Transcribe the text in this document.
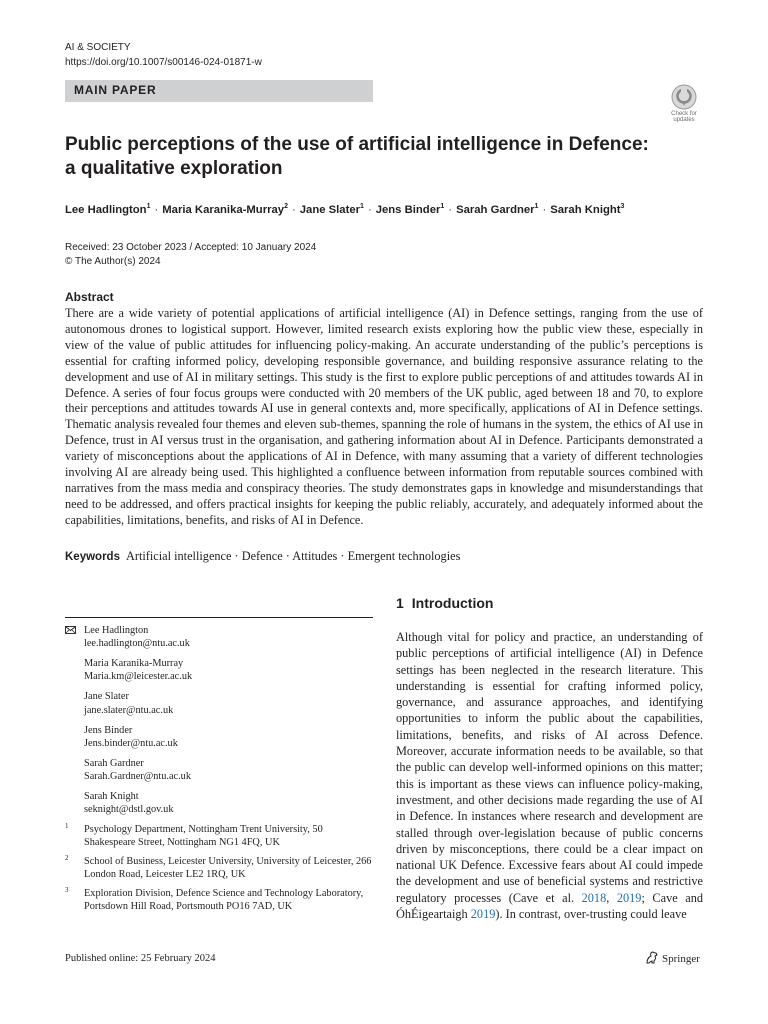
AI & SOCIETY
https://doi.org/10.1007/s00146-024-01871-w
MAIN PAPER
Check for
updates
Public perceptions of the use of artificial intelligence in Defence:
a qualitative exploration
Lee Hadlington$^1$ · Maria Karanika-Murray$^2$ · Jane Slater$^1$ · Jens Binder$^1$ · Sarah Gardner$^1$ · Sarah Knight$^3$
Received: 23 October 2023 / Accepted: 10 January 2024
© The Author(s) 2024
Abstract
There are a wide variety of potential applications of artificial intelligence (AI) in Defence settings, ranging from the use of autonomous drones to logistical support. However, limited research exists exploring how the public view these, especially in view of the value of public attitudes for influencing policy-making. An accurate understanding of the public’s perceptions is essential for crafting informed policy, developing responsible governance, and building responsive assurance relating to the development and use of AI in military settings. This study is the first to explore public perceptions of and attitudes towards AI in Defence. A series of four focus groups were conducted with 20 members of the UK public, aged between 18 and 70, to explore their perceptions and attitudes towards AI use in general contexts and, more specifically, applications of AI in Defence settings. Thematic analysis revealed four themes and eleven sub-themes, spanning the role of humans in the system, the ethics of AI use in Defence, trust in AI versus trust in the organisation, and gathering information about AI in Defence. Participants demonstrated a variety of misconceptions about the applications of AI in Defence, with many assuming that a variety of different technologies involving AI are already being used. This highlighted a confluence between information from reputable sources combined with narratives from the mass media and conspiracy theories. The study demonstrates gaps in knowledge and misunderstandings that need to be addressed, and offers practical insights for keeping the public reliably, accurately, and adequately informed about the capabilities, limitations, benefits, and risks of AI in Defence.
Keywords Artificial intelligence · Defence · Attitudes · Emergent technologies
1 Introduction
Although vital for policy and practice, an understanding of public perceptions of artificial intelligence (AI) in Defence settings has been neglected in the research literature. This understanding is essential for crafting informed policy, governance, and assurance approaches, and identifying opportunities to inform the public about the capabilities, limitations, benefits, and risks of AI across Defence. Moreover, accurate information needs to be available, so that the public can develop well-informed opinions on this matter; this is important as these views can influence policy-making, investment, and other decisions made regarding the use of AI in Defence. In instances where research and development are stalled through over-legislation because of public concerns driven by misconceptions, there could be a clear impact on national UK Defence. Excessive fears about AI could impede the development and use of beneficial systems and restrictive regulatory processes (Cave et al. 2018, 2019; Cave and ÓhÉigeartaigh 2019). In contrast, over-trusting could leave
Lee Hadlington
lee.hadlington@ntu.ac.uk
Maria Karanika-Murray
Maria.km@leicester.ac.uk
Jane Slater
jane.slater@ntu.ac.uk
Jens Binder
Jens.binder@ntu.ac.uk
Sarah Gardner
Sarah.Gardner@ntu.ac.uk
Sarah Knight
seknight@dstl.gov.uk
1 Psychology Department, Nottingham Trent University, 50 Shakespeare Street, Nottingham NG1 4FQ, UK
2 School of Business, Leicester University, University of Leicester, 266 London Road, Leicester LE2 1RQ, UK
3 Exploration Division, Defence Science and Technology Laboratory, Portsdown Hill Road, Portsmouth PO16 7AD, UK
Published online: 25 February 2024	Springer
